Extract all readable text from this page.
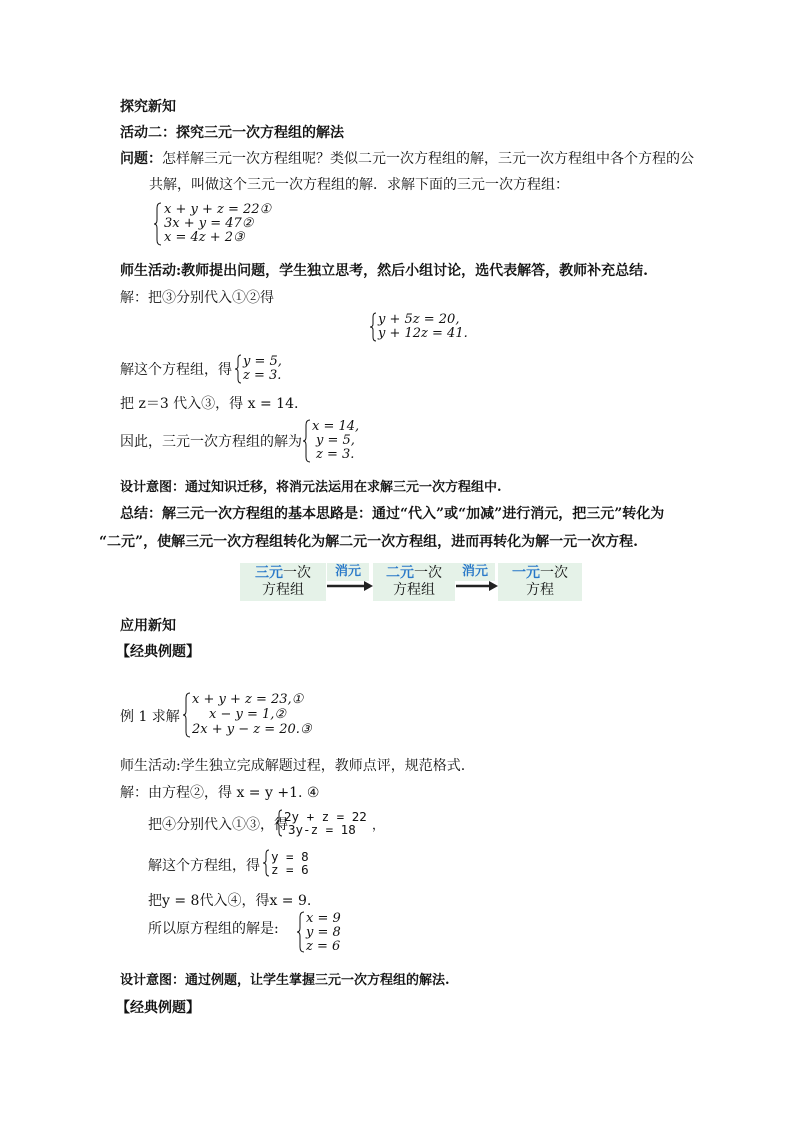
探究新知
活动二：探究三元一次方程组的解法
问题：怎样解三元一次方程组呢？类似二元一次方程组的解，三元一次方程组中各个方程的公
共解，叫做这个三元一次方程组的解．求解下面的三元一次方程组：
x + y + z = 22①
3x + y = 47②
x = 4z + 2③
师生活动:教师提出问题，学生独立思考，然后小组讨论，选代表解答，教师补充总结.
解：把③分别代入①②得
y + 5z = 20,
y + 12z = 41.
解这个方程组，得
y = 5,
z = 3.
把 z＝3 代入③，得 x = 14.
因此，三元一次方程组的解为
x = 14,
y = 5,
z = 3.
设计意图：通过知识迁移，将消元法运用在求解三元一次方程组中.
总结：解三元一次方程组的基本思路是：通过“代入”或“加减”进行消元，把三元”转化为
“二元”，使解三元一次方程组转化为解二元一次方程组，进而再转化为解一元一次方程.
三元一次
方程组
消元	二元一次
方程组
消元	一元一次
方程
应用新知
【经典例题】
例 1 求解
x + y + z = 23,①
x − y = 1,②
2x + y − z = 20.③
师生活动:学生独立完成解题过程，教师点评，规范格式.
解：由方程②，得 x = y +1. ④
把④分别代入①③，得
2y + z = 22
3y-z = 18 ，
解这个方程组，得
y = 8
z = 6
把y = 8代入④，得x = 9.
所以原方程组的解是:
x = 9
y = 8
z = 6
设计意图：通过例题，让学生掌握三元一次方程组的解法.
【经典例题】
